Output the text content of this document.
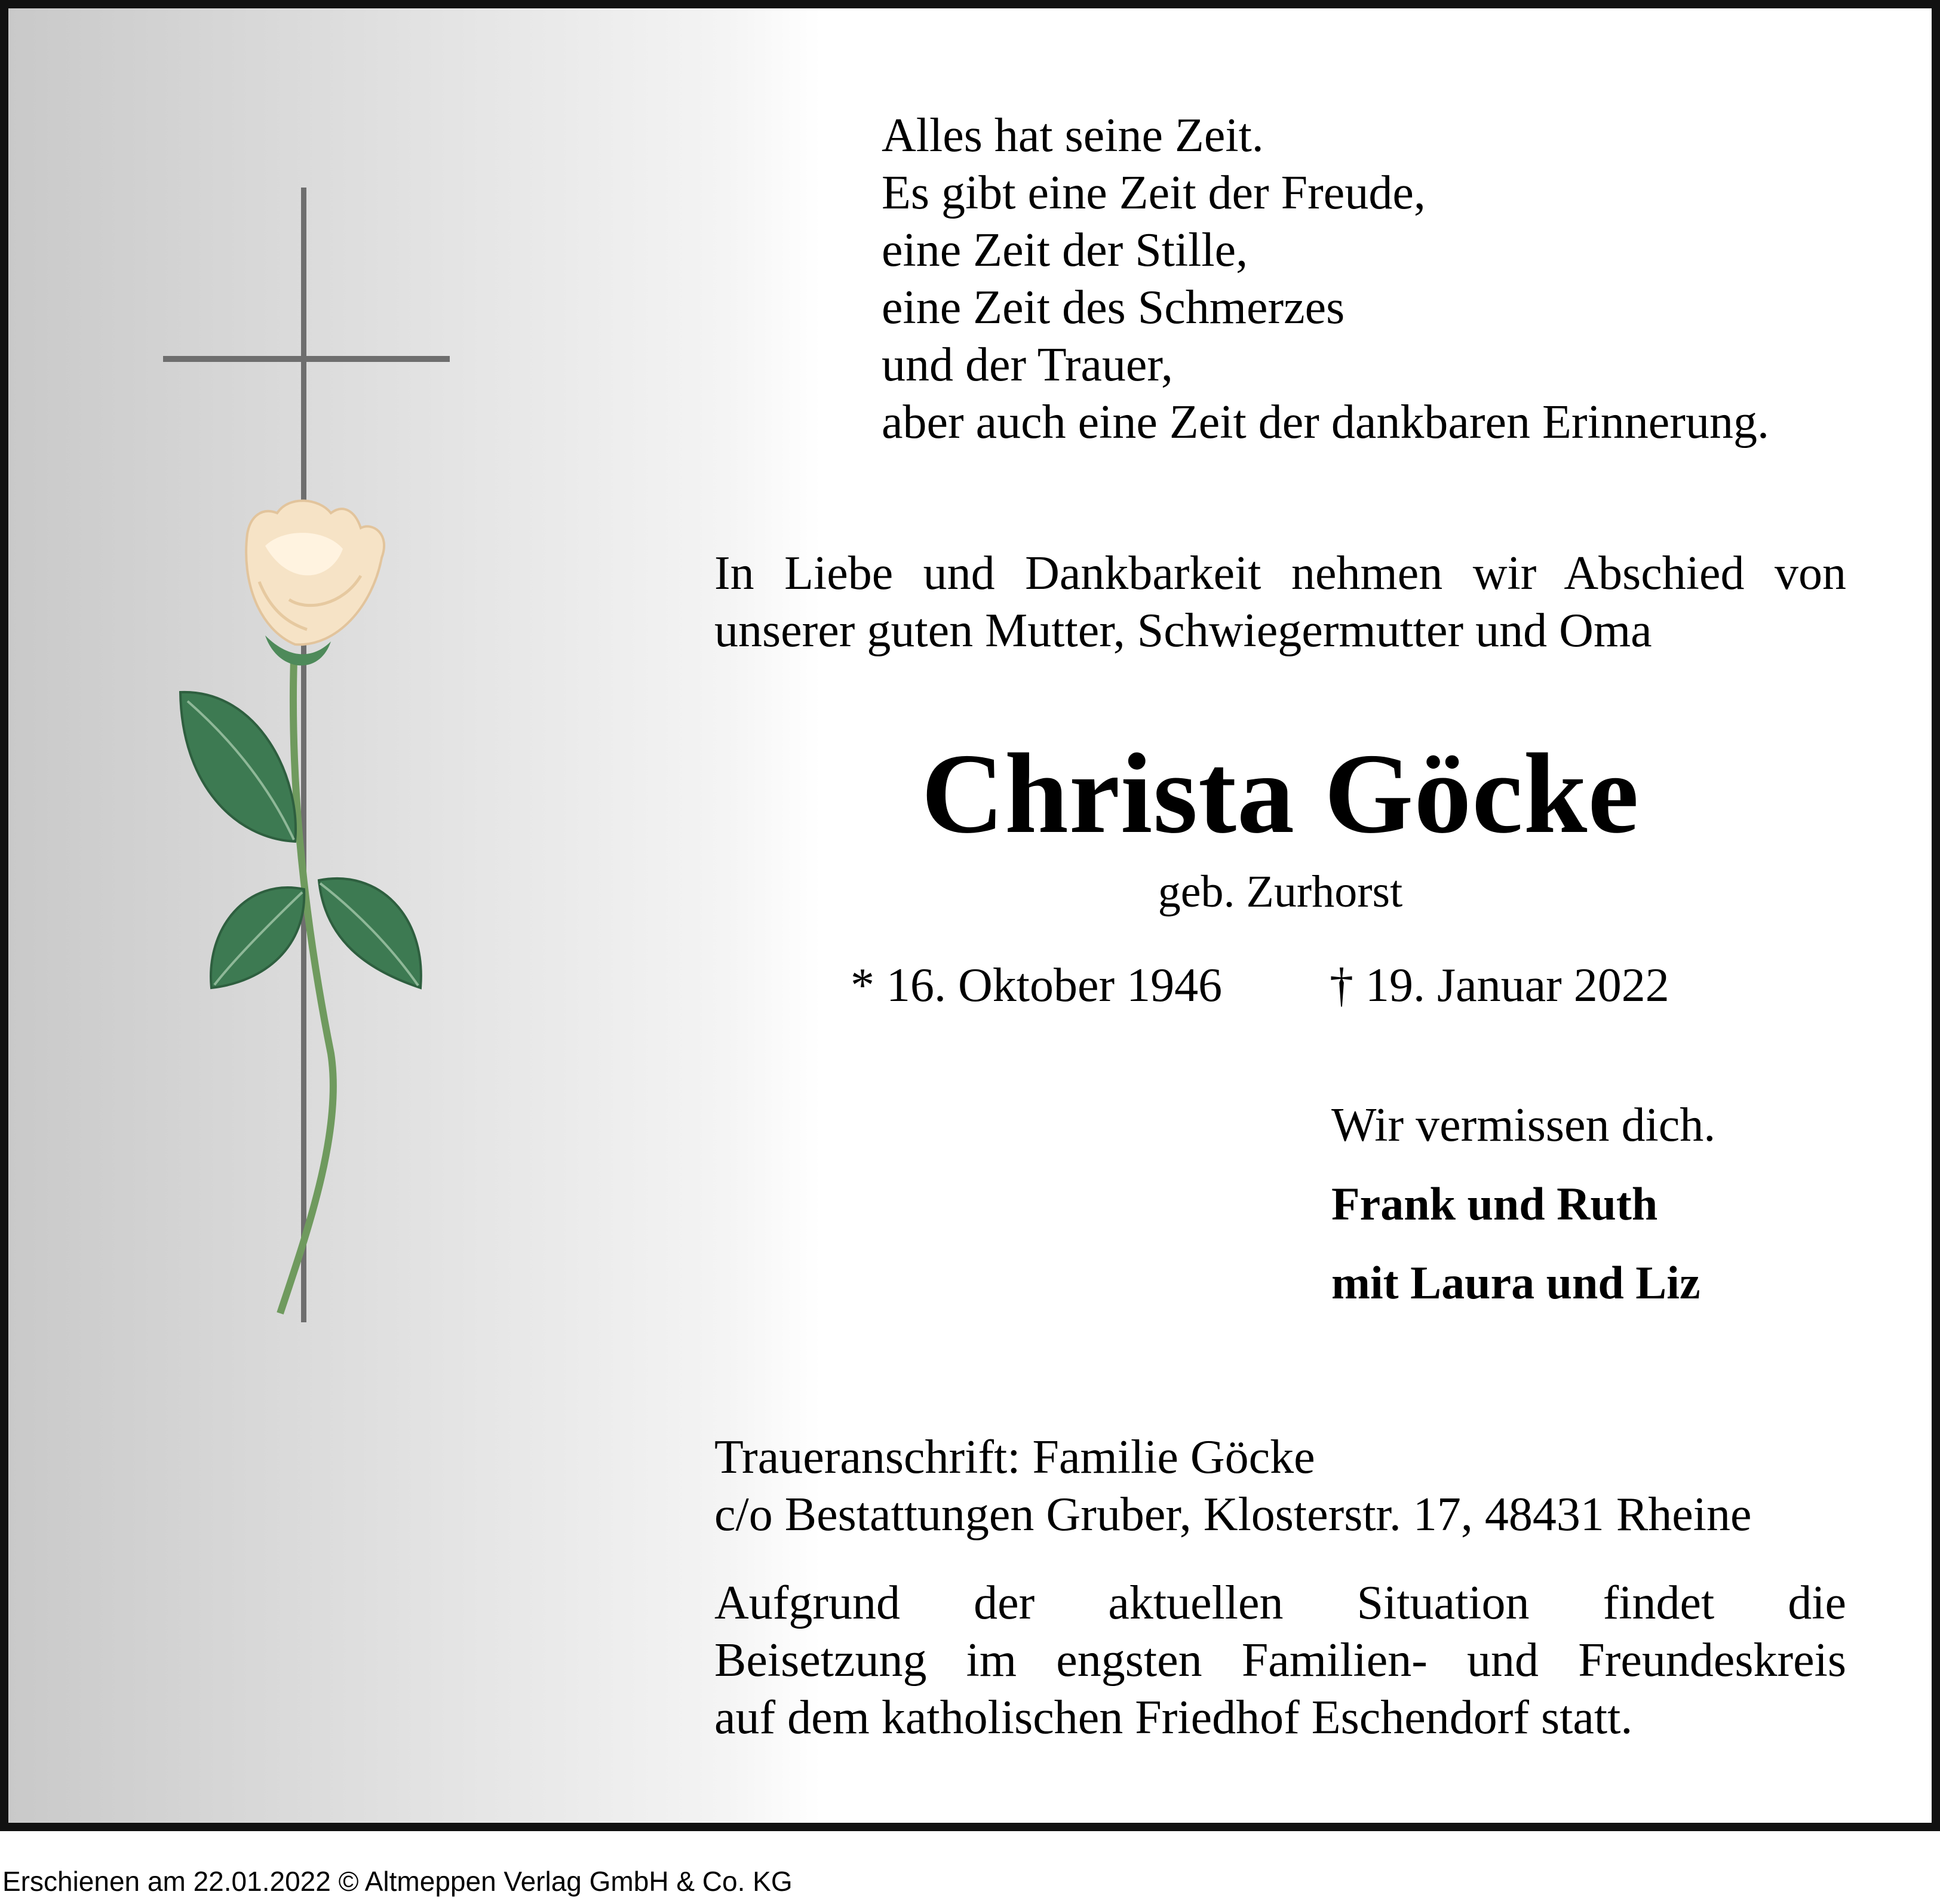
Alles hat seine Zeit.
Es gibt eine Zeit der Freude,
eine Zeit der Stille,
eine Zeit des Schmerzes
und der Trauer,
aber auch eine Zeit der dankbaren Erinnerung.
In Liebe und Dankbarkeit nehmen wir Abschied von
unserer guten Mutter, Schwiegermutter und Oma
Christa Göcke
geb. Zurhorst
* 16. Oktober 1946 † 19. Januar 2022
Wir vermissen dich.
Frank und Ruth
mit Laura und Liz
Traueranschrift: Familie Göcke
c/o Bestattungen Gruber, Klosterstr. 17, 48431 Rheine
Aufgrund der aktuellen Situation findet die
Beisetzung im engsten Familien- und Freundeskreis
auf dem katholischen Friedhof Eschendorf statt.
Erschienen am 22.01.2022 © Altmeppen Verlag GmbH & Co. KG
